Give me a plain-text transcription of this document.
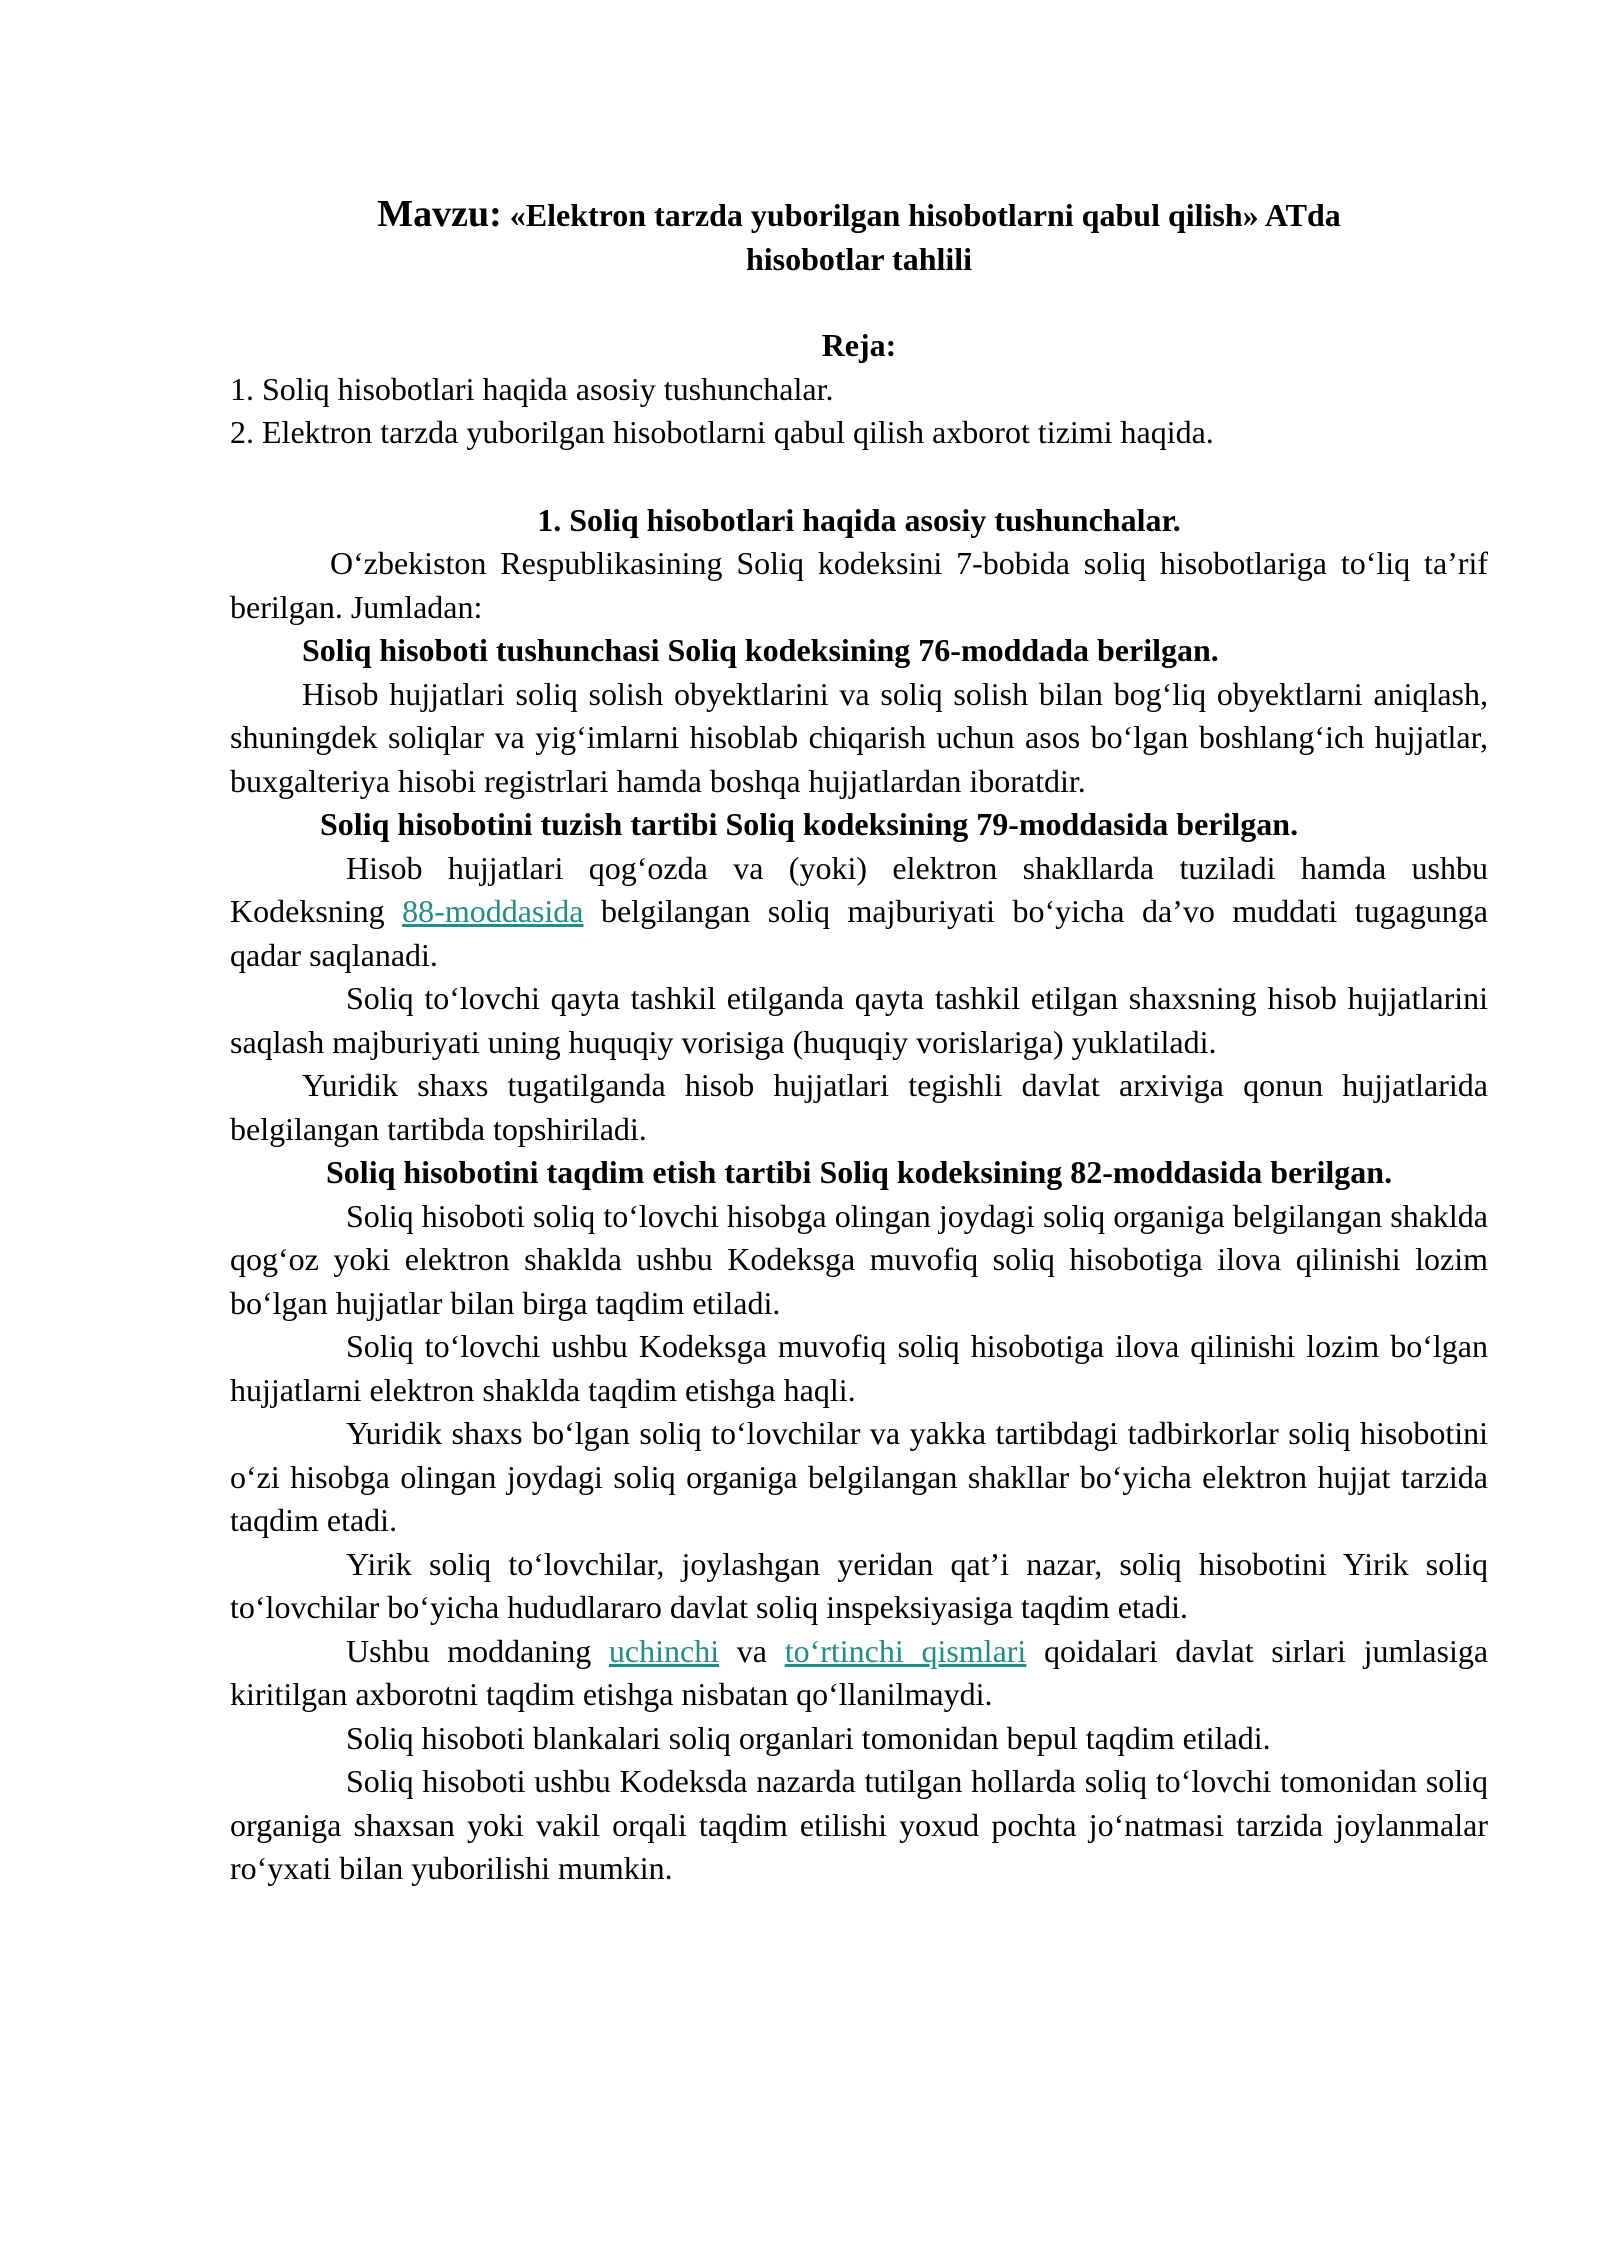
Mavzu: «Elektron tarzda yuborilgan hisobotlarni qabul qilish» ATda
hisobotlar tahlili
Reja:

1. Soliq hisobotlari haqida asosiy tushunchalar.

2. Elektron tarzda yuborilgan hisobotlarni qabul qilish axborot tizimi haqida.

1. Soliq hisobotlari haqida asosiy tushunchalar.

O‘zbekiston Respublikasining Soliq kodeksini 7-bobida soliq hisobotlariga to‘liq ta’rif berilgan. Jumladan:

Soliq hisoboti tushunchasi Soliq kodeksining 76-moddada berilgan.

Hisob hujjatlari soliq solish obyektlarini va soliq solish bilan bog‘liq obyektlarni aniqlash, shuningdek soliqlar va yig‘imlarni hisoblab chiqarish uchun asos bo‘lgan boshlang‘ich hujjatlar, buxgalteriya hisobi registrlari hamda boshqa hujjatlardan iboratdir.

Soliq hisobotini tuzish tartibi Soliq kodeksining 79-moddasida berilgan.

Hisob hujjatlari qog‘ozda va (yoki) elektron shakllarda tuziladi hamda ushbu Kodeksning 88-moddasida belgilangan soliq majburiyati bo‘yicha da’vo muddati tugagunga qadar saqlanadi.

Soliq to‘lovchi qayta tashkil etilganda qayta tashkil etilgan shaxsning hisob hujjatlarini saqlash majburiyati uning huquqiy vorisiga (huquqiy vorislariga) yuklatiladi.

Yuridik shaxs tugatilganda hisob hujjatlari tegishli davlat arxiviga qonun hujjatlarida belgilangan tartibda topshiriladi.

Soliq hisobotini taqdim etish tartibi Soliq kodeksining 82-moddasida berilgan.

Soliq hisoboti soliq to‘lovchi hisobga olingan joydagi soliq organiga belgilangan shaklda qog‘oz yoki elektron shaklda ushbu Kodeksga muvofiq soliq hisobotiga ilova qilinishi lozim bo‘lgan hujjatlar bilan birga taqdim etiladi.

Soliq to‘lovchi ushbu Kodeksga muvofiq soliq hisobotiga ilova qilinishi lozim bo‘lgan hujjatlarni elektron shaklda taqdim etishga haqli.

Yuridik shaxs bo‘lgan soliq to‘lovchilar va yakka tartibdagi tadbirkorlar soliq hisobotini o‘zi hisobga olingan joydagi soliq organiga belgilangan shakllar bo‘yicha elektron hujjat tarzida taqdim etadi.

Yirik soliq to‘lovchilar, joylashgan yeridan qat’i nazar, soliq hisobotini Yirik soliq to‘lovchilar bo‘yicha hududlararo davlat soliq inspeksiyasiga taqdim etadi.

Ushbu moddaning uchinchi va to‘rtinchi qismlari qoidalari davlat sirlari jumlasiga kiritilgan axborotni taqdim etishga nisbatan qo‘llanilmaydi.

Soliq hisoboti blankalari soliq organlari tomonidan bepul taqdim etiladi.

Soliq hisoboti ushbu Kodeksda nazarda tutilgan hollarda soliq to‘lovchi tomonidan soliq organiga shaxsan yoki vakil orqali taqdim etilishi yoxud pochta jo‘natmasi tarzida joylanmalar ro‘yxati bilan yuborilishi mumkin.
